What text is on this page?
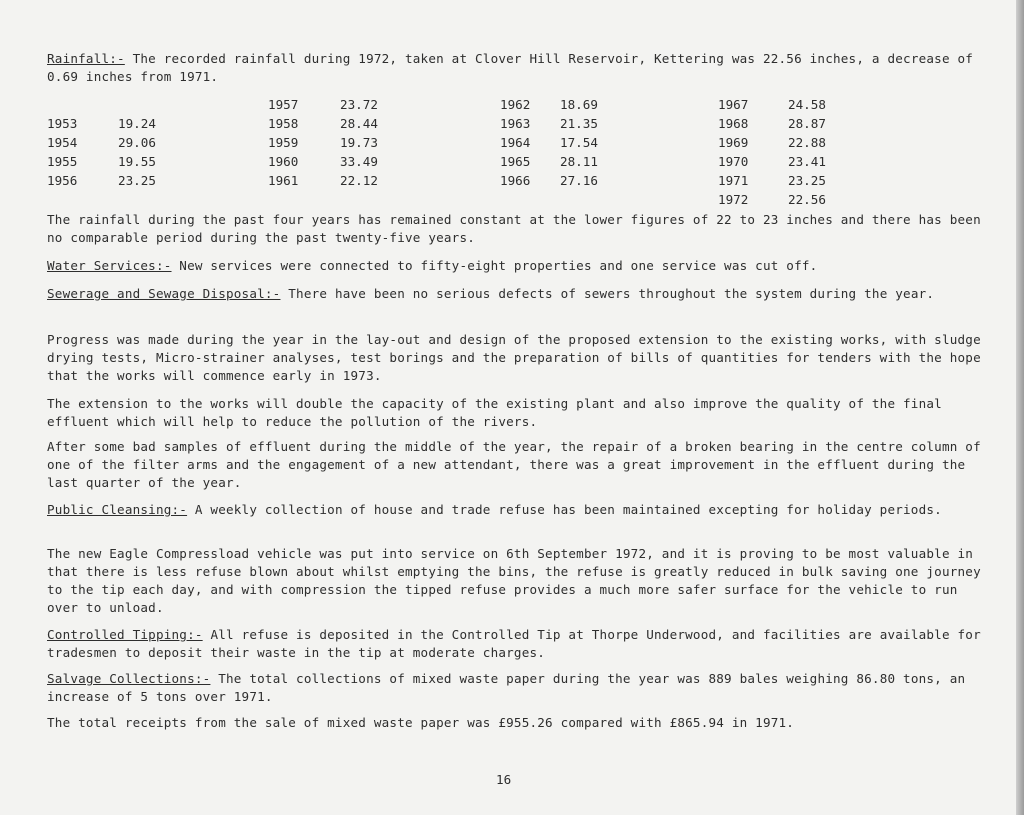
Rainfall:- The recorded rainfall during 1972, taken at Clover Hill Reservoir, Kettering was 22.56 inches, a decrease of 0.69 inches from 1971.
1953	19.24
1954	29.06
1955	19.55
1956	23.25
1957	23.72
1958	28.44
1959	19.73
1960	33.49
1961	22.12
1962 18.69
1963 21.35
1964 17.54
1965 28.11
1966 27.16
1967	24.58
1968	28.87
1969	22.88
1970	23.41
1971	23.25
1972	22.56
The rainfall during the past four years has remained constant at the lower figures of 22 to 23 inches and there has been no comparable period during the past twenty-five years.
Water Services:- New services were connected to fifty-eight properties and one service was cut off.
Sewerage and Sewage Disposal:- There have been no serious defects of sewers throughout the system during the year.
Progress was made during the year in the lay-out and design of the proposed extension to the existing works, with sludge drying tests, Micro-strainer analyses, test borings and the preparation of bills of quantities for tenders with the hope that the works will commence early in 1973.
The extension to the works will double the capacity of the existing plant and also improve the quality of the final effluent which will help to reduce the pollution of the rivers.
After some bad samples of effluent during the middle of the year, the repair of a broken bearing in the centre column of one of the filter arms and the engagement of a new attendant, there was a great improvement in the effluent during the last quarter of the year.
Public Cleansing:- A weekly collection of house and trade refuse has been maintained excepting for holiday periods.
The new Eagle Compressload vehicle was put into service on 6th September 1972, and it is proving to be most valuable in that there is less refuse blown about whilst emptying the bins, the refuse is greatly reduced in bulk saving one journey to the tip each day, and with compression the tipped refuse provides a much more safer surface for the vehicle to run over to unload.
Controlled Tipping:- All refuse is deposited in the Controlled Tip at Thorpe Underwood, and facilities are available for tradesmen to deposit their waste in the tip at moderate charges.
Salvage Collections:- The total collections of mixed waste paper during the year was 889 bales weighing 86.80 tons, an increase of 5 tons over 1971.
The total receipts from the sale of mixed waste paper was £955.26 compared with £865.94 in 1971.
16
